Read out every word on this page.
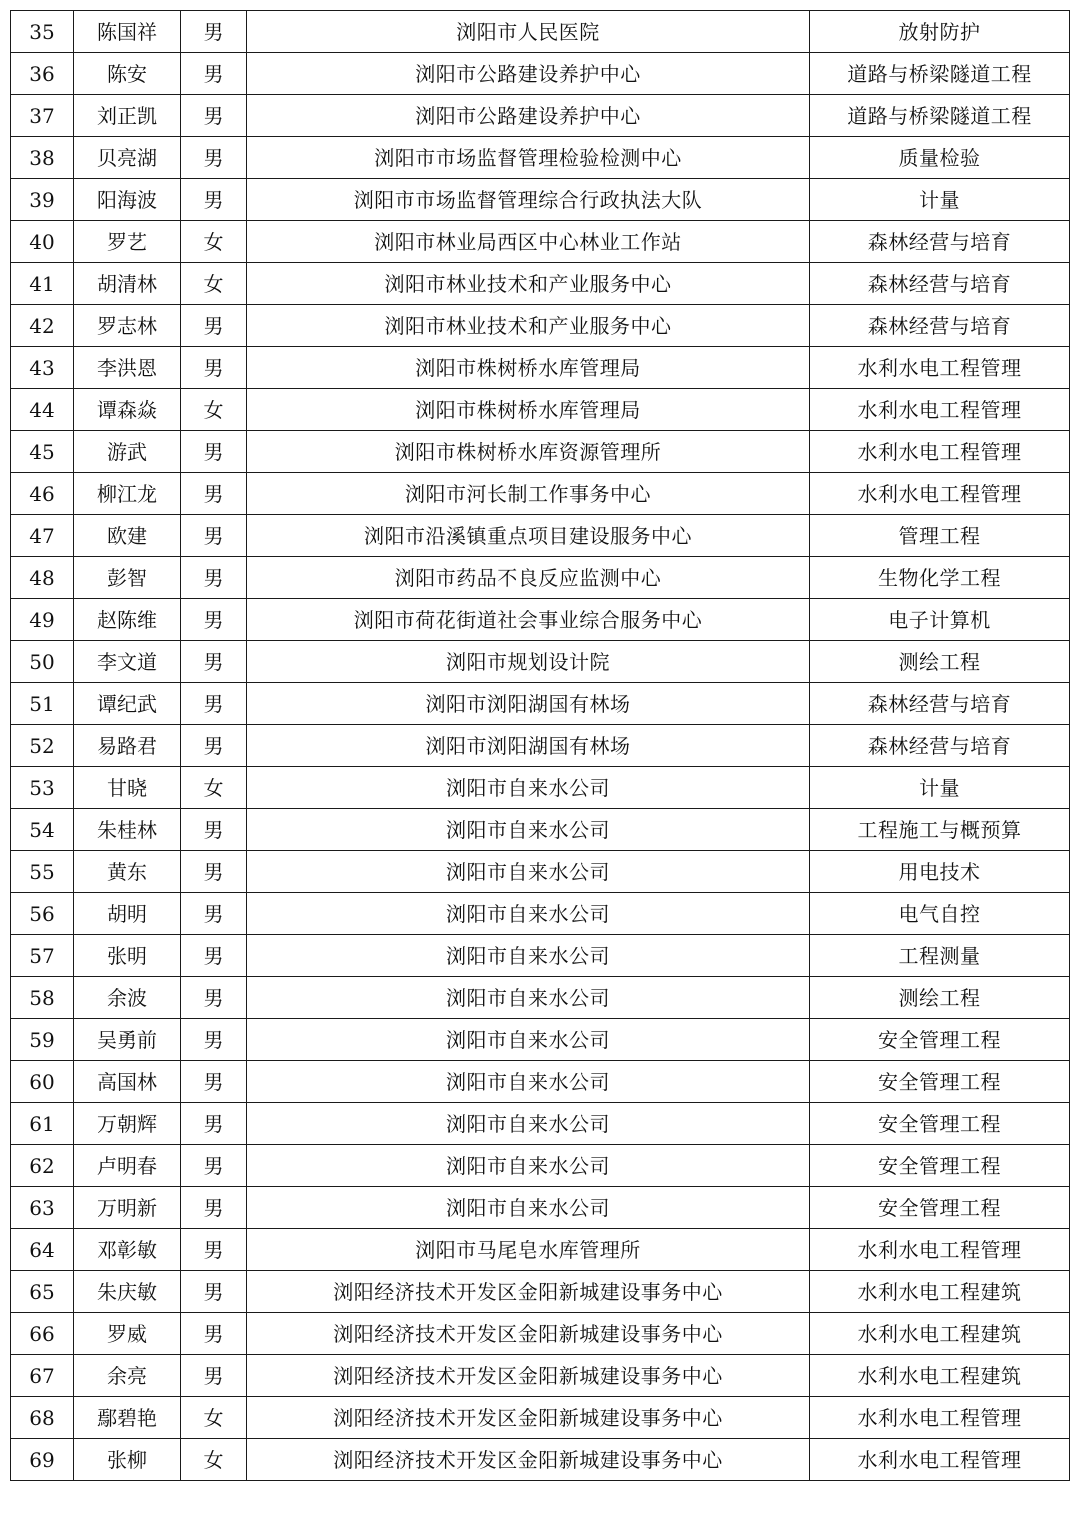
35	陈国祥	男	浏阳市人民医院	放射防护
36	陈安	男	浏阳市公路建设养护中心	道路与桥梁隧道工程
37	刘正凯	男	浏阳市公路建设养护中心	道路与桥梁隧道工程
38	贝亮湖	男	浏阳市市场监督管理检验检测中心	质量检验
39	阳海波	男	浏阳市市场监督管理综合行政执法大队	计量
40	罗艺	女	浏阳市林业局西区中心林业工作站	森林经营与培育
41	胡清林	女	浏阳市林业技术和产业服务中心	森林经营与培育
42	罗志林	男	浏阳市林业技术和产业服务中心	森林经营与培育
43	李洪恩	男	浏阳市株树桥水库管理局	水利水电工程管理
44	谭森焱	女	浏阳市株树桥水库管理局	水利水电工程管理
45	游武	男	浏阳市株树桥水库资源管理所	水利水电工程管理
46	柳江龙	男	浏阳市河长制工作事务中心	水利水电工程管理
47	欧建	男	浏阳市沿溪镇重点项目建设服务中心	管理工程
48	彭智	男	浏阳市药品不良反应监测中心	生物化学工程
49	赵陈维	男	浏阳市荷花街道社会事业综合服务中心	电子计算机
50	李文道	男	浏阳市规划设计院	测绘工程
51	谭纪武	男	浏阳市浏阳湖国有林场	森林经营与培育
52	易路君	男	浏阳市浏阳湖国有林场	森林经营与培育
53	甘晓	女	浏阳市自来水公司	计量
54	朱桂林	男	浏阳市自来水公司	工程施工与概预算
55	黄东	男	浏阳市自来水公司	用电技术
56	胡明	男	浏阳市自来水公司	电气自控
57	张明	男	浏阳市自来水公司	工程测量
58	余波	男	浏阳市自来水公司	测绘工程
59	吴勇前	男	浏阳市自来水公司	安全管理工程
60	高国林	男	浏阳市自来水公司	安全管理工程
61	万朝辉	男	浏阳市自来水公司	安全管理工程
62	卢明春	男	浏阳市自来水公司	安全管理工程
63	万明新	男	浏阳市自来水公司	安全管理工程
64	邓彰敏	男	浏阳市马尾皂水库管理所	水利水电工程管理
65	朱庆敏	男	浏阳经济技术开发区金阳新城建设事务中心	水利水电工程建筑
66	罗威	男	浏阳经济技术开发区金阳新城建设事务中心	水利水电工程建筑
67	余亮	男	浏阳经济技术开发区金阳新城建设事务中心	水利水电工程建筑
68	鄢碧艳	女	浏阳经济技术开发区金阳新城建设事务中心	水利水电工程管理
69	张柳	女	浏阳经济技术开发区金阳新城建设事务中心	水利水电工程管理
